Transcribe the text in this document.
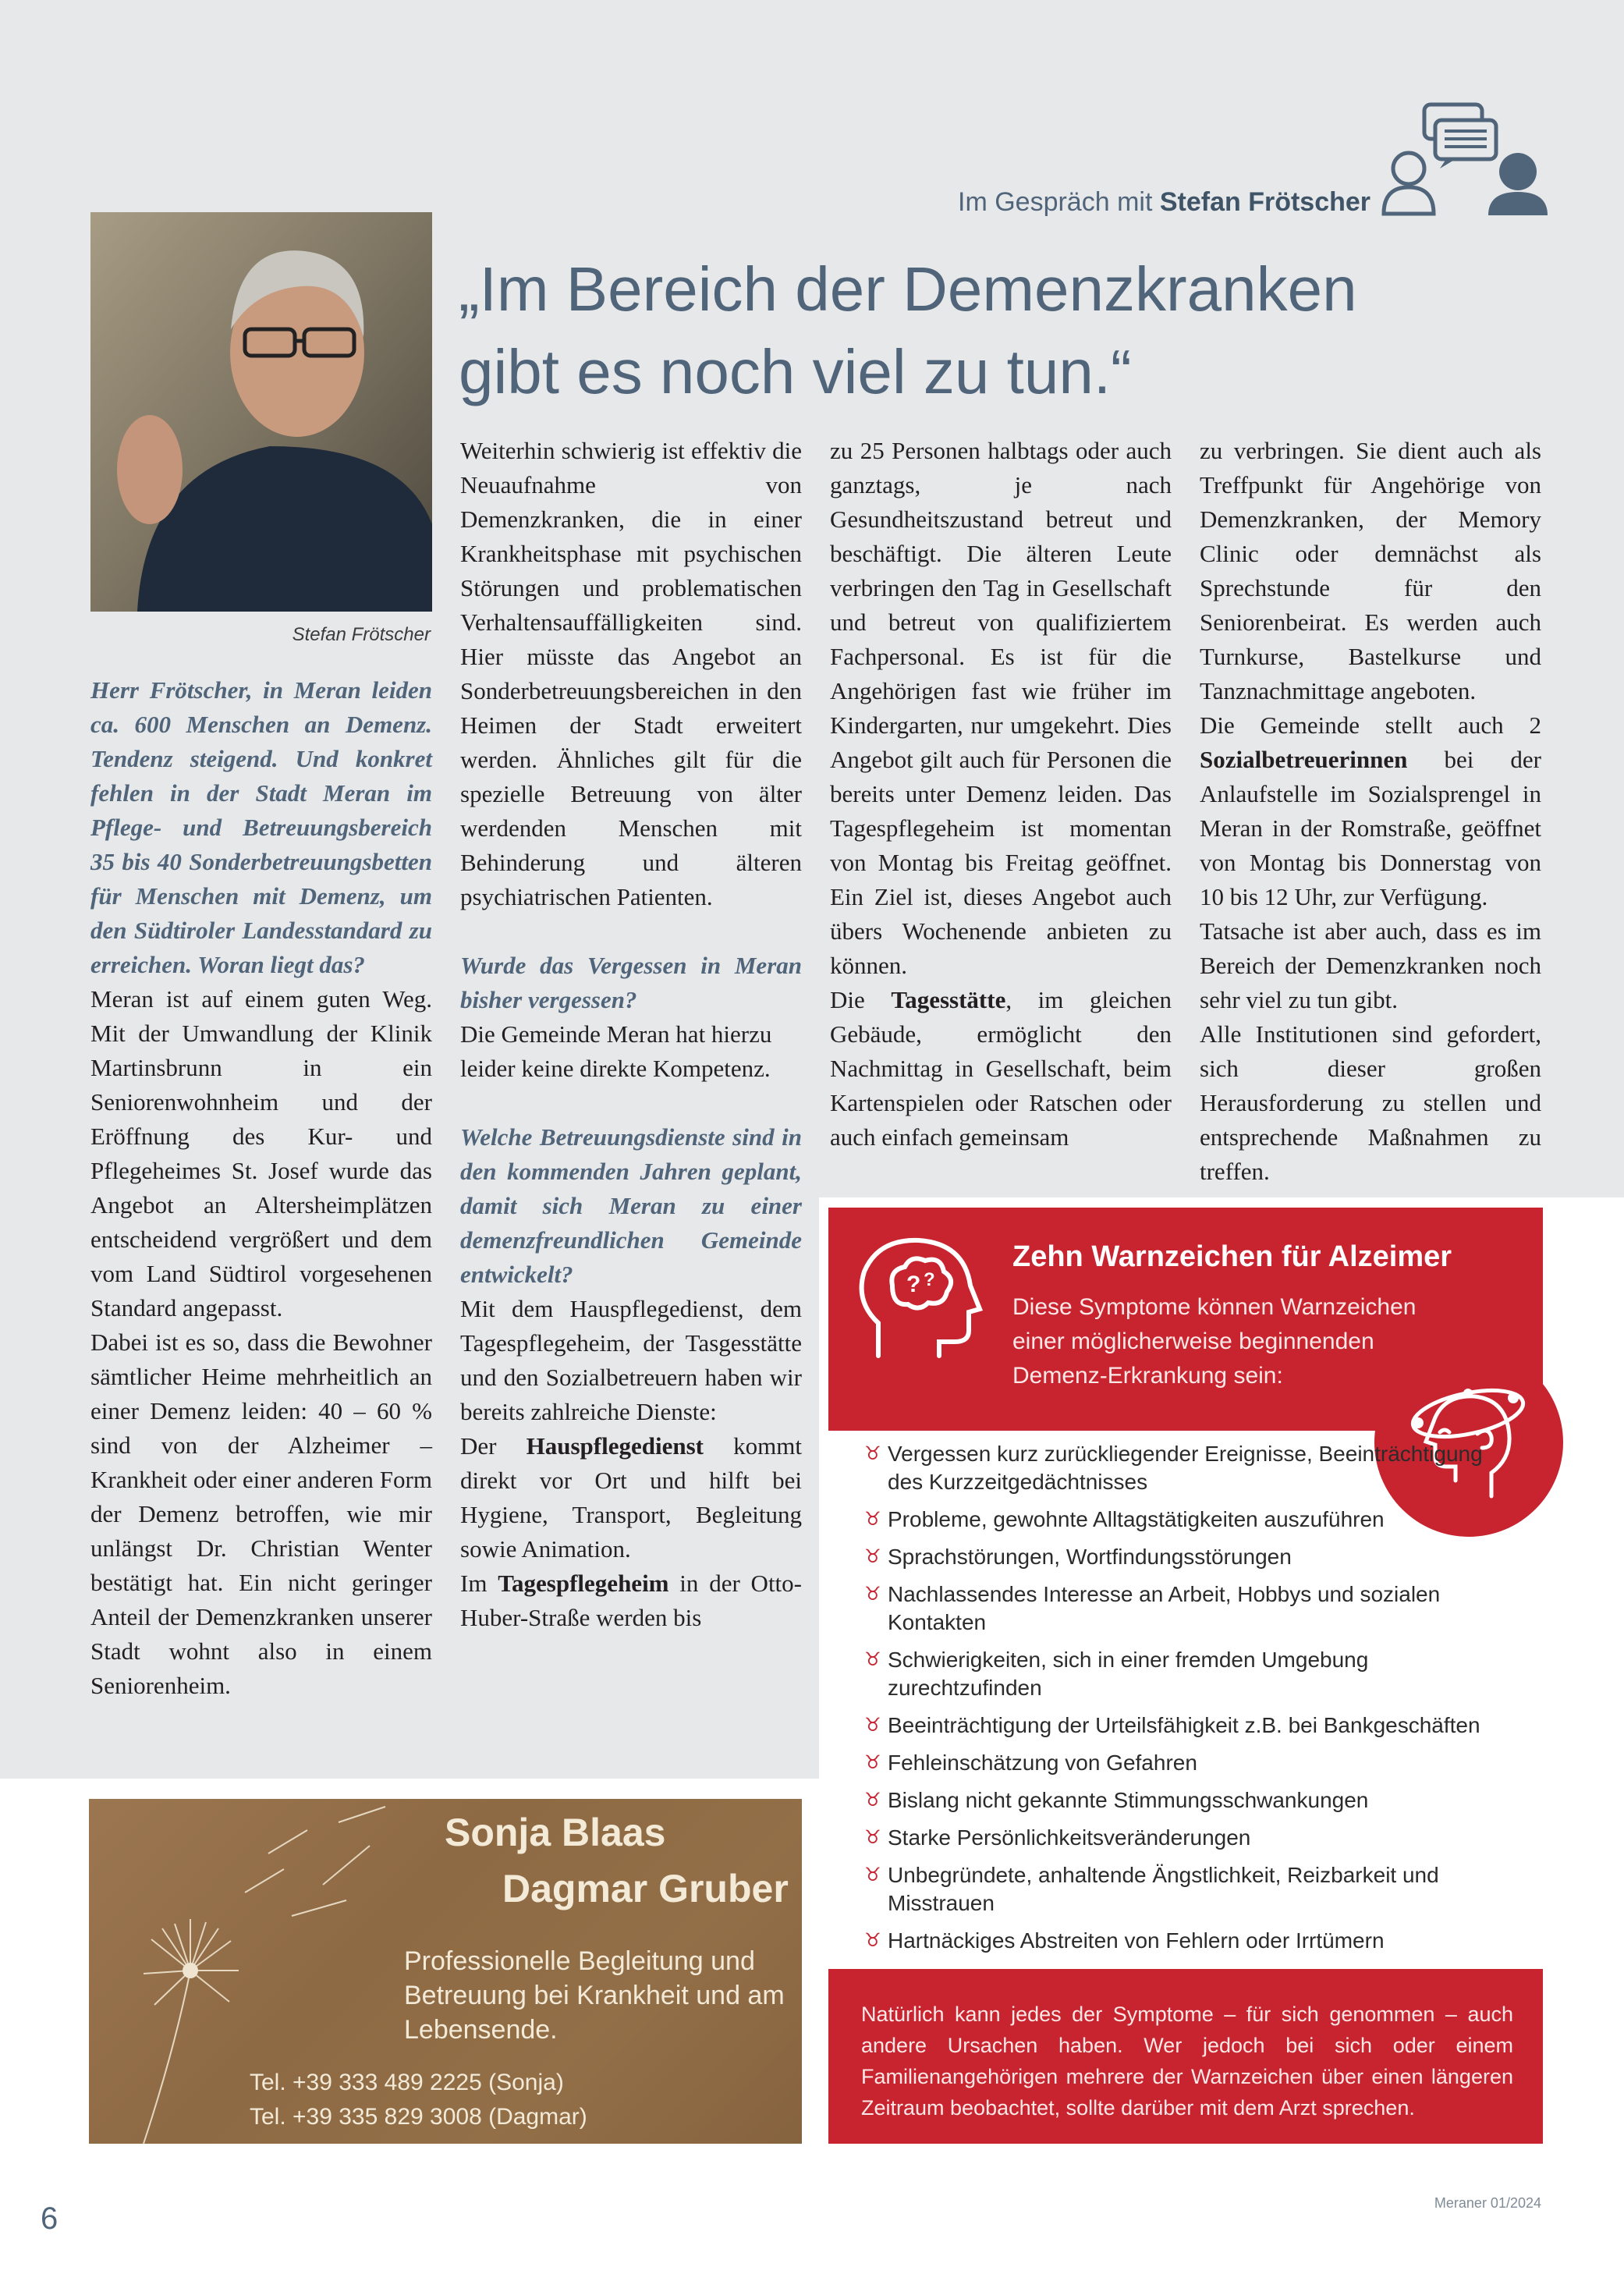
Im Gespräch mit Stefan Frötscher
Stefan Frötscher
„Im Bereich der Demenzkranken
gibt es noch viel zu tun.“

Herr Frötscher, in Meran leiden ca. 600 Menschen an Demenz. Tendenz steigend. Und konkret fehlen in der Stadt Meran im Pflege- und Betreuungsbereich 35 bis 40 Sonderbetreuungsbetten für Menschen mit Demenz, um den Südtiroler Landesstandard zu erreichen. Woran liegt das?

Meran ist auf einem guten Weg. Mit der Umwandlung der Klinik Martinsbrunn in ein Seniorenwohnheim und der Eröffnung des Kur- und Pflegeheimes St. Josef wurde das Angebot an Altersheimplätzen entscheidend vergrößert und dem vom Land Südtirol vorgesehenen Standard angepasst.

Dabei ist es so, dass die Bewohner sämtlicher Heime mehrheitlich an einer Demenz leiden: 40 – 60 % sind von der Alzheimer – Krankheit oder einer anderen Form der Demenz betroffen, wie mir unlängst Dr. Christian Wenter bestätigt hat. Ein nicht geringer Anteil der Demenzkranken unserer Stadt wohnt also in einem Seniorenheim.

Weiterhin schwierig ist effektiv die Neuaufnahme von Demenzkranken, die in einer Krankheitsphase mit psychischen Störungen und problematischen Verhaltensauffälligkeiten sind. Hier müsste das Angebot an Sonderbetreuungsbereichen in den Heimen der Stadt erweitert werden. Ähnliches gilt für die spezielle Betreuung von älter werdenden Menschen mit Behinderung und älteren psychiatrischen Patienten.

Wurde das Vergessen in Meran bisher vergessen?

Die Gemeinde Meran hat hierzu leider keine direkte Kompetenz.

Welche Betreuungsdienste sind in den kommenden Jahren geplant, damit sich Meran zu einer demenzfreundlichen Gemeinde entwickelt?

Mit dem Hauspflegedienst, dem Tagespflegeheim, der Tasgesstätte und den Sozialbetreuern haben wir bereits zahlreiche Dienste:

Der Hauspflegedienst kommt direkt vor Ort und hilft bei Hygiene, Transport, Begleitung sowie Animation.

Im Tagespflegeheim in der Otto-Huber-Straße werden bis

zu 25 Personen halbtags oder auch ganztags, je nach Gesundheitszustand betreut und beschäftigt. Die älteren Leute verbringen den Tag in Gesellschaft und betreut von qualifiziertem Fachpersonal. Es ist für die Angehörigen fast wie früher im Kindergarten, nur umgekehrt. Dies Angebot gilt auch für Personen die bereits unter Demenz leiden. Das Tagespflegeheim ist momentan von Montag bis Freitag geöffnet. Ein Ziel ist, dieses Angebot auch übers Wochenende anbieten zu können.

Die Tagesstätte, im gleichen Gebäude, ermöglicht den Nachmittag in Gesellschaft, beim Kartenspielen oder Ratschen oder auch einfach gemeinsam

zu verbringen. Sie dient auch als Treffpunkt für Angehörige von Demenzkranken, der Memory Clinic oder demnächst als Sprechstunde für den Seniorenbeirat. Es werden auch Turnkurse, Bastelkurse und Tanznachmittage angeboten.

Die Gemeinde stellt auch 2 Sozialbetreuerinnen bei der Anlaufstelle im Sozialsprengel in Meran in der Romstraße, geöffnet von Montag bis Donnerstag von 10 bis 12 Uhr, zur Verfügung.

Tatsache ist aber auch, dass es im Bereich der Demenzkranken noch sehr viel zu tun gibt.

Alle Institutionen sind gefordert, sich dieser großen Herausforderung zu stellen und entsprechende Maßnahmen zu treffen.

Sonja Blaas
Dagmar Gruber
Professionelle Begleitung und Betreuung bei Krankheit und am Lebensende.
Tel. +39 333 489 2225 (Sonja)
Tel. +39 335 829 3008 (Dagmar)
? ?
Zehn Warnzeichen für Alzeimer
Diese Symptome können Warnzeichen einer möglicherweise beginnenden Demenz-Erkrankung sein:
♉ Vergessen kurz zurückliegender Ereignisse, Beeinträchtigung des Kurzzeitgedächtnisses
♉ Probleme, gewohnte Alltagstätigkeiten auszuführen
♉ Sprachstörungen, Wortfindungsstörungen
♉ Nachlassendes Interesse an Arbeit, Hobbys und sozialen Kontakten
♉ Schwierigkeiten, sich in einer fremden Umgebung zurechtzufinden
♉ Beeinträchtigung der Urteilsfähigkeit z.B. bei Bankgeschäften
♉ Fehleinschätzung von Gefahren
♉ Bislang nicht gekannte Stimmungsschwankungen
♉ Starke Persönlichkeitsveränderungen
♉ Unbegründete, anhaltende Ängstlichkeit, Reizbarkeit und Misstrauen
♉ Hartnäckiges Abstreiten von Fehlern oder Irrtümern
Natürlich kann jedes der Symptome – für sich genommen – auch andere Ursachen haben. Wer jedoch bei sich oder einem Familienangehörigen mehrere der Warnzeichen über einen längeren Zeitraum beobachtet, sollte darüber mit dem Arzt sprechen.
6	Meraner 01/2024
